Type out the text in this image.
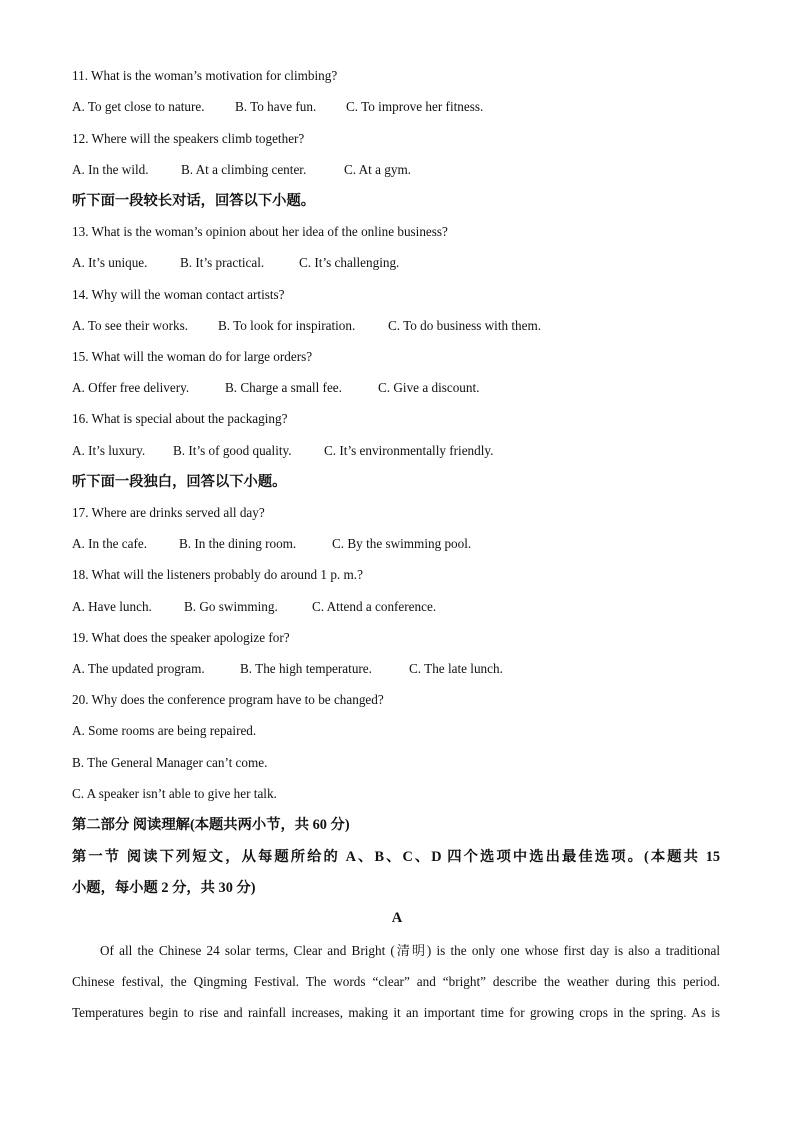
11. What is the woman’s motivation for climbing?
A. To get close to nature. B. To have fun. C. To improve her fitness.
12. Where will the speakers climb together?
A. In the wild. B. At a climbing center.	C. At a gym.
听下面一段较长对话，回答以下小题。
13. What is the woman’s opinion about her idea of the online business?
A. It’s unique. B. It’s practical.	C. It’s challenging.
14. Why will the woman contact artists?
A. To see their works. B. To look for inspiration. C. To do business with them.
15. What will the woman do for large orders?
A. Offer free delivery.	B. Charge a small fee.	C. Give a discount.
16. What is special about the packaging?
A. It’s luxury. B. It’s of good quality. C. It’s environmentally friendly.
听下面一段独白，回答以下小题。
17. Where are drinks served all day?
A. In the cafe. B. In the dining room.	C. By the swimming pool.
18. What will the listeners probably do around 1 p. m.?
A. Have lunch. B. Go swimming.	C. Attend a conference.
19. What does the speaker apologize for?
A. The updated program.	B. The high temperature.	C. The late lunch.
20. Why does the conference program have to be changed?
A. Some rooms are being repaired.
B. The General Manager can’t come.
C. A speaker isn’t able to give her talk.
第二部分 阅读理解(本题共两小节，共 60 分)
第一节 阅读下列短文，从每题所给的 A、B、C、D 四个选项中选出最佳选项。(本题共 15
小题，每小题 2 分，共 30 分)
A
Of all the Chinese 24 solar terms, Clear and Bright (清明) is the only one whose first day is also a traditional
Chinese festival, the Qingming Festival. The words “clear” and “bright” describe the weather during this period.
Temperatures begin to rise and rainfall increases, making it an important time for growing crops in the spring. As is
